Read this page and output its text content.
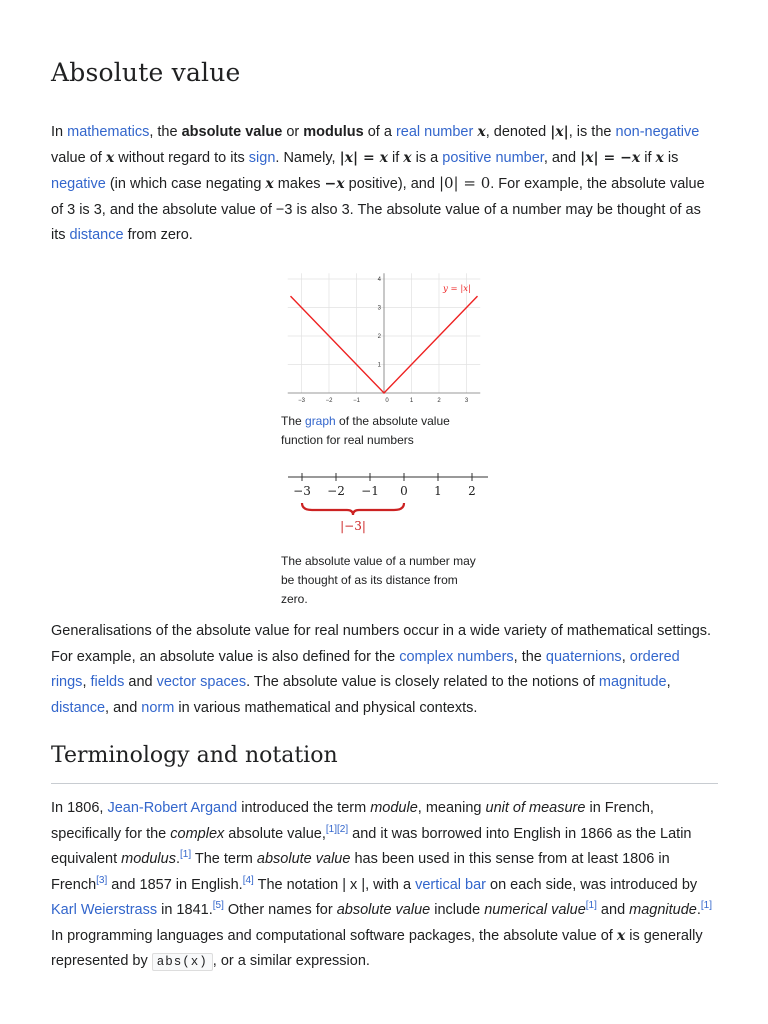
Absolute value

In mathematics, the absolute value or modulus of a real number x, denoted |x|, is the non-negative value of x without regard to its sign. Namely, |x| = x if x is a positive number, and |x| = −x if x is negative (in which case negating x makes −x positive), and |0| = 0. For example, the absolute value of 3 is 3, and the absolute value of −3 is also 3. The absolute value of a number may be thought of as its distance from zero.

−3	−2	−1	0	1	2	3
1
2
3
4
y = |x|
The graph of the absolute value function for real numbers
−3 −2 −1 0 1 2
|−3|
The absolute value of a number may be thought of as its distance from zero.

Generalisations of the absolute value for real numbers occur in a wide variety of mathematical settings. For example, an absolute value is also defined for the complex numbers, the quaternions, ordered rings, fields and vector spaces. The absolute value is closely related to the notions of magnitude, distance, and norm in various mathematical and physical contexts.

Terminology and notation

In 1806, Jean-Robert Argand introduced the term module, meaning unit of measure in French, specifically for the complex absolute value,[1][2] and it was borrowed into English in 1866 as the Latin equivalent modulus.[1] The term absolute value has been used in this sense from at least 1806 in French[3] and 1857 in English.[4] The notation | x |, with a vertical bar on each side, was introduced by Karl Weierstrass in 1841.[5] Other names for absolute value include numerical value[1] and magnitude.[1] In programming languages and computational software packages, the absolute value of x is generally represented by abs(x) , or a similar expression.
